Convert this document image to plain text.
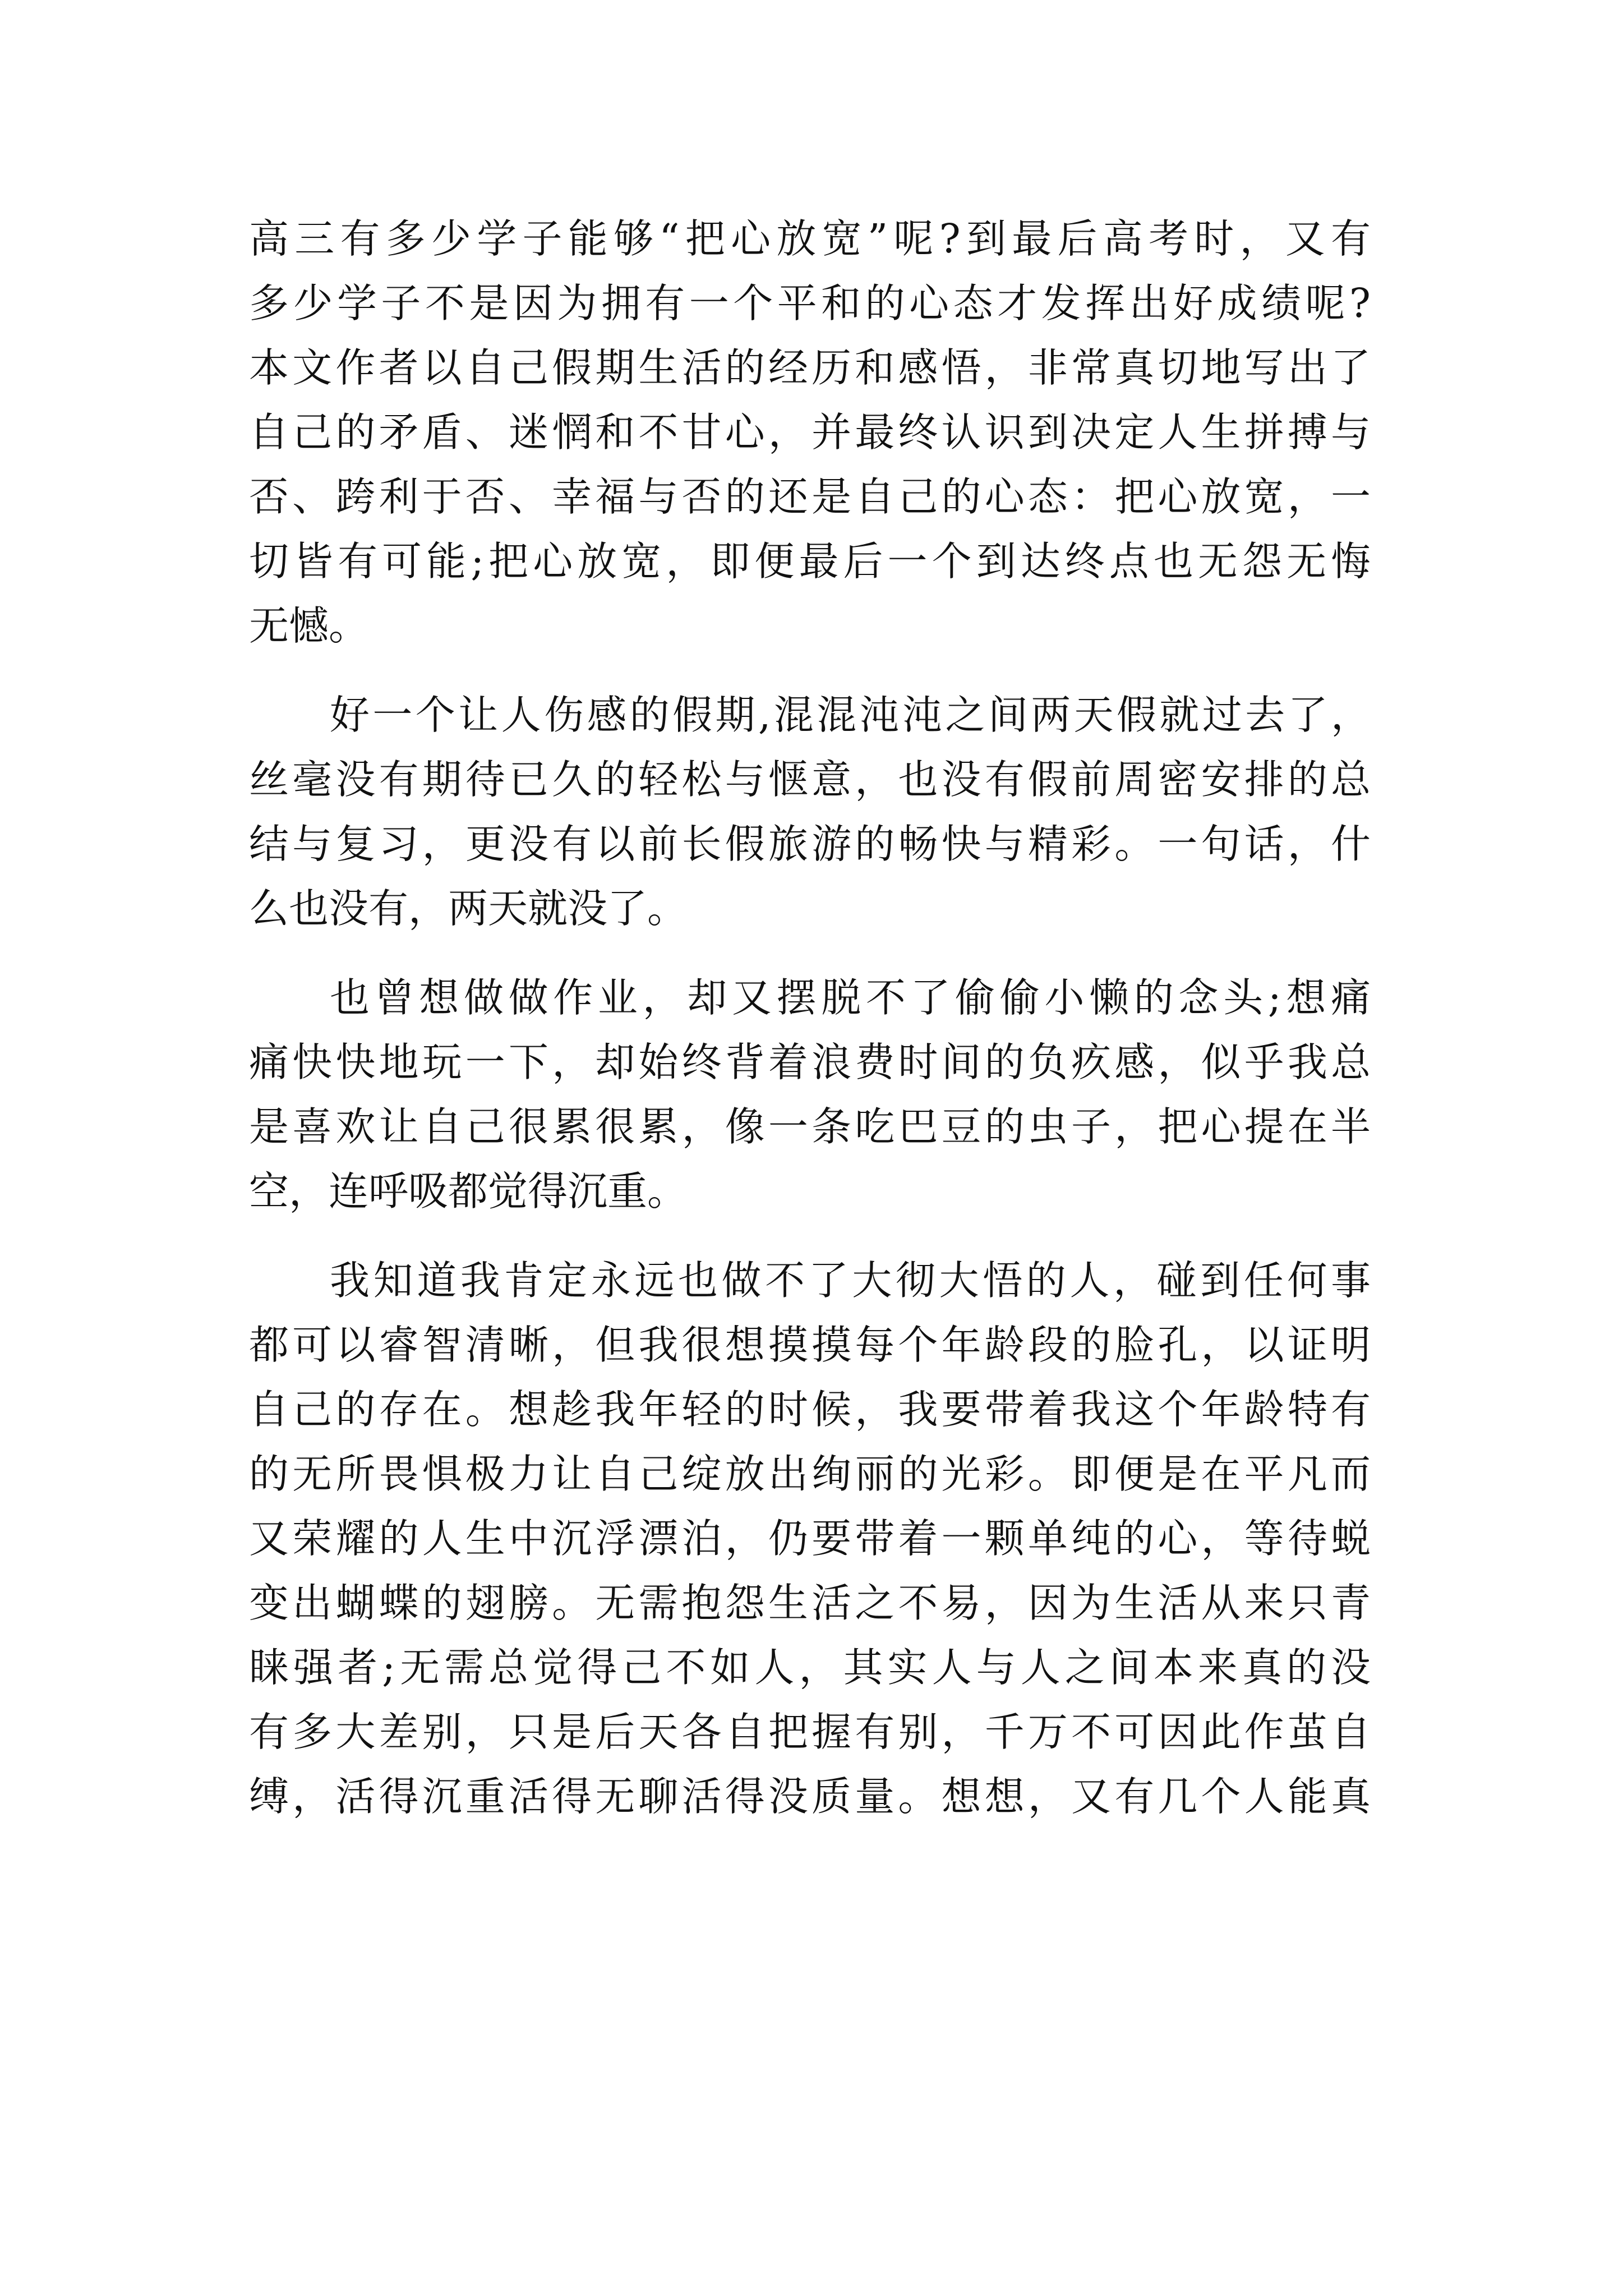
高三有多少学子能够“把心放宽”呢?到最后高考时，又有
多少学子不是因为拥有一个平和的心态才发挥出好成绩呢?
本文作者以自己假期生活的经历和感悟，非常真切地写出了
自己的矛盾、迷惘和不甘心，并最终认识到决定人生拼搏与
否、跨利于否、幸福与否的还是自己的心态：把心放宽，一
切皆有可能;把心放宽，即便最后一个到达终点也无怨无悔
无憾。
好一个让人伤感的假期,混混沌沌之间两天假就过去了，
丝毫没有期待已久的轻松与惬意，也没有假前周密安排的总
结与复习，更没有以前长假旅游的畅快与精彩。一句话，什
么也没有，两天就没了。
也曾想做做作业，却又摆脱不了偷偷小懒的念头;想痛
痛快快地玩一下，却始终背着浪费时间的负疚感，似乎我总
是喜欢让自己很累很累，像一条吃巴豆的虫子，把心提在半
空，连呼吸都觉得沉重。
我知道我肯定永远也做不了大彻大悟的人，碰到任何事
都可以睿智清晰，但我很想摸摸每个年龄段的脸孔，以证明
自己的存在。想趁我年轻的时候，我要带着我这个年龄特有
的无所畏惧极力让自己绽放出绚丽的光彩。即便是在平凡而
又荣耀的人生中沉浮漂泊，仍要带着一颗单纯的心，等待蜕
变出蝴蝶的翅膀。无需抱怨生活之不易，因为生活从来只青
睐强者;无需总觉得己不如人，其实人与人之间本来真的没
有多大差别，只是后天各自把握有别，千万不可因此作茧自
缚，活得沉重活得无聊活得没质量。想想，又有几个人能真
